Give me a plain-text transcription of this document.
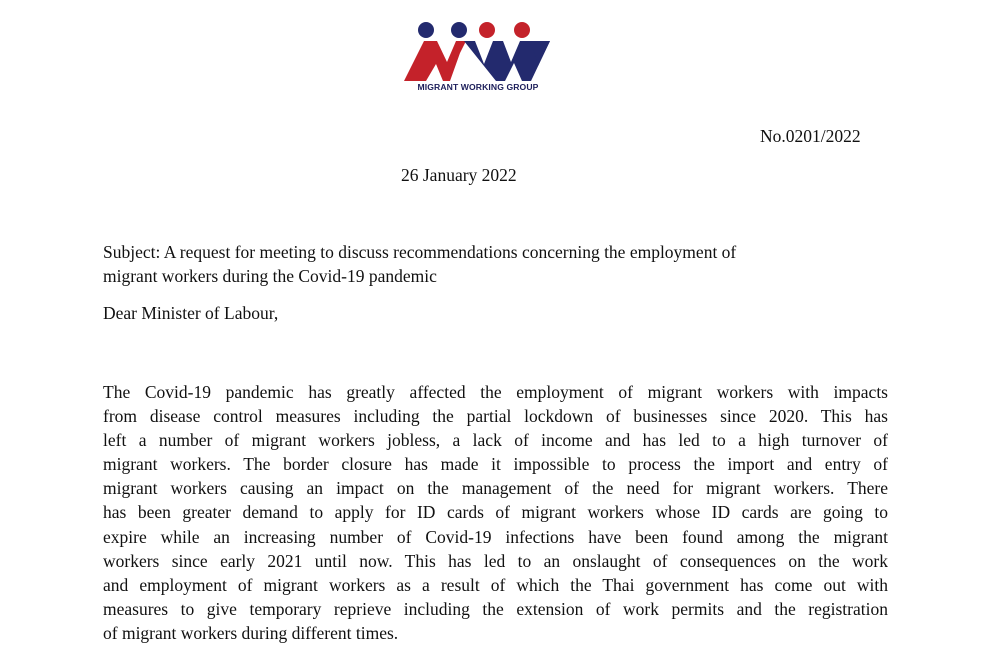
MIGRANT WORKING GROUP
No.0201/2022
26 January 2022
Subject: A request for meeting to discuss recommendations concerning the employment of
migrant workers during the Covid-19 pandemic
Dear Minister of Labour,
The Covid-19 pandemic has greatly affected the employment of migrant workers with impacts
from disease control measures including the partial lockdown of businesses since 2020. This has
left a number of migrant workers jobless, a lack of income and has led to a high turnover of
migrant workers. The border closure has made it impossible to process the import and entry of
migrant workers causing an impact on the management of the need for migrant workers. There
has been greater demand to apply for ID cards of migrant workers whose ID cards are going to
expire while an increasing number of Covid-19 infections have been found among the migrant
workers since early 2021 until now. This has led to an onslaught of consequences on the work
and employment of migrant workers as a result of which the Thai government has come out with
measures to give temporary reprieve including the extension of work permits and the registration
of migrant workers during different times.
